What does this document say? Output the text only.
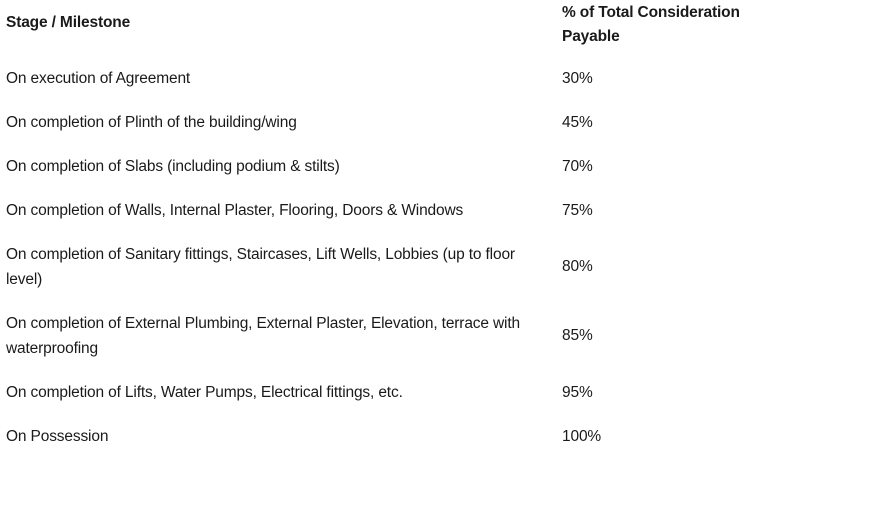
Stage / Milestone	% of Total Consideration
Payable

On execution of Agreement	30%
On completion of Plinth of the building/wing	45%
On completion of Slabs (including podium & stilts)	70%
On completion of Walls, Internal Plaster, Flooring, Doors & Windows	75%
On completion of Sanitary fittings, Staircases, Lift Wells, Lobbies (up to floor level)	80%
On completion of External Plumbing, External Plaster, Elevation, terrace with waterproofing	85%
On completion of Lifts, Water Pumps, Electrical fittings, etc.	95%
On Possession	100%
